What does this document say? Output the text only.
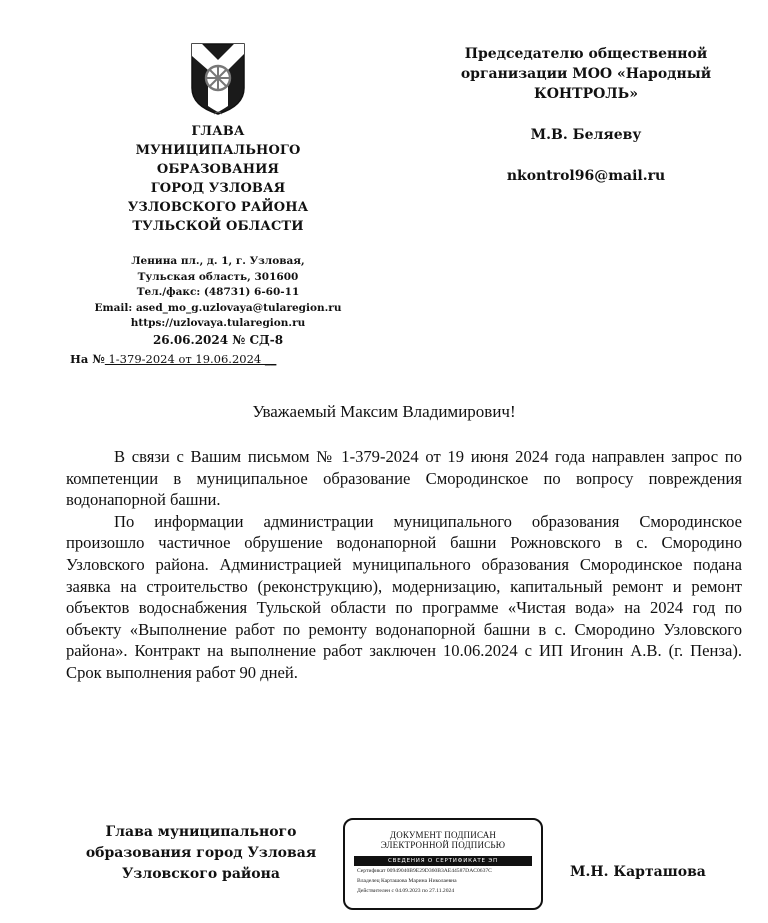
ГЛАВА
МУНИЦИПАЛЬНОГО
ОБРАЗОВАНИЯ
ГОРОД УЗЛОВАЯ
УЗЛОВСКОГО РАЙОНА
ТУЛЬСКОЙ ОБЛАСТИ
Ленина пл., д. 1, г. Узловая,
Тульская область, 301600
Тел./факс: (48731) 6-60-11
Email: ased_mo_g.uzlovaya@tularegion.ru
https://uzlovaya.tularegion.ru
26.06.2024 № СД-8
На № 1-379-2024 от 19.06.2024 __
Председателю общественной
организации МОО «Народный
КОНТРОЛЬ»
М.В. Беляеву
nkontrol96@mail.ru
Уважаемый Максим Владимирович!

В связи с Вашим письмом № 1-379-2024 от 19 июня 2024 года направлен запрос по компетенции в муниципальное образование Смородинское по вопросу повреждения водонапорной башни.

По информации администрации муниципального образования Смородинское произошло частичное обрушение водонапорной башни Рожновского в с. Смородино Узловского района. Администрацией муниципального образования Смородинское подана заявка на строительство (реконструкцию), модернизацию, капитальный ремонт и ремонт объектов водоснабжения Тульской области по программе «Чистая вода» на 2024 год по объекту «Выполнение работ по ремонту водонапорной башни в с. Смородино Узловского района». Контракт на выполнение работ заключен 10.06.2024 с ИП Игонин А.В. (г. Пенза). Срок выполнения работ 90 дней.

Глава муниципального
образования город Узловая
Узловского района
ДОКУМЕНТ ПОДПИСАН
ЭЛЕКТРОННОЙ ПОДПИСЬЮ
СВЕДЕНИЯ О СЕРТИФИКАТЕ ЭП
Сертификат 00949040B9E29D360B3AE44587DAC0637C
Владелец Карташова Марина Николаевна
Действителен с 04.09.2023 по 27.11.2024
М.Н. Карташова
